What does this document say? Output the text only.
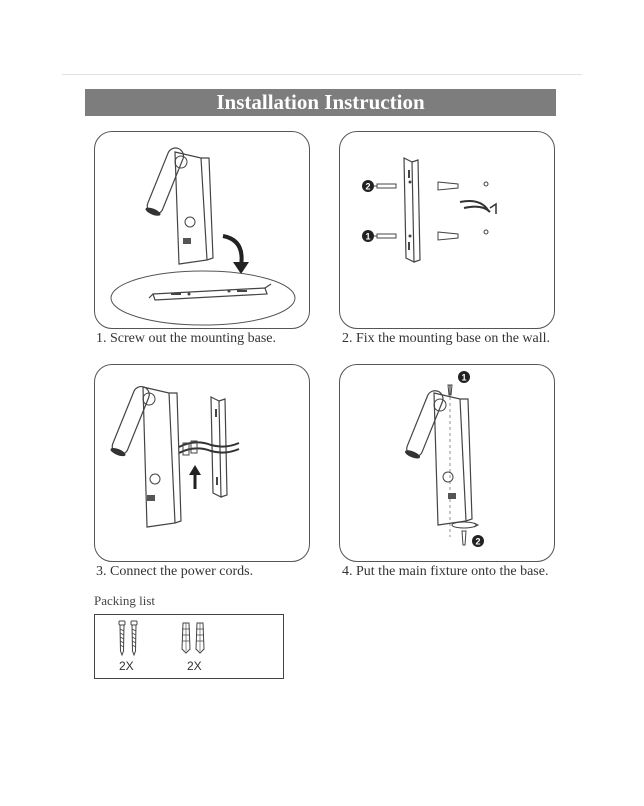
Installation Instruction
1. Screw out the mounting base.
2
1
2. Fix the mounting base on the wall.
3. Connect the power cords.
1
2
4. Put the main fixture onto the base.
Packing list
2X	2X
